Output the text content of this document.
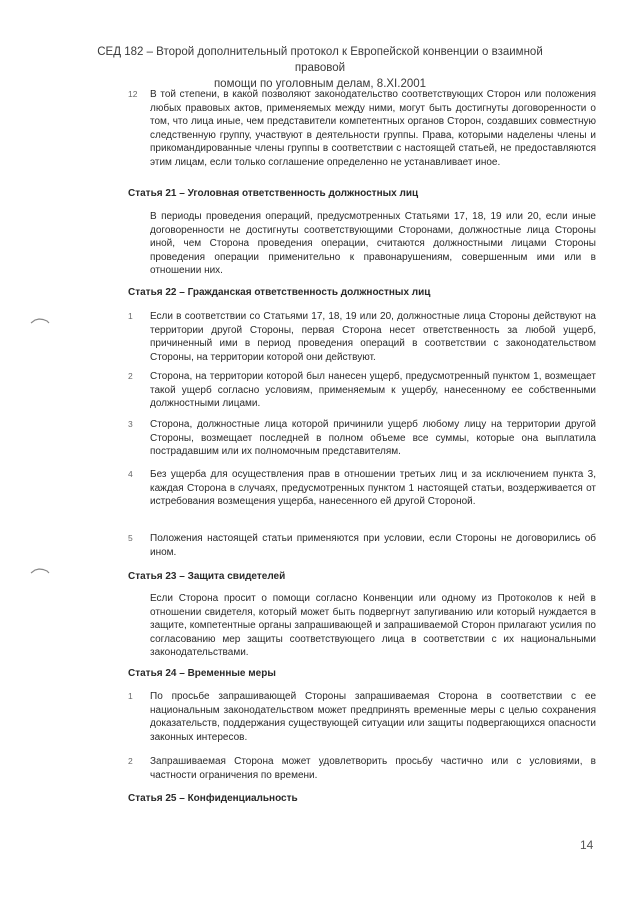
СЕД 182 – Второй дополнительный протокол к Европейской конвенции о взаимной правовой
помощи по уголовным делам, 8.XI.2001
12 В той степени, в какой позволяют законодательство соответствующих Сторон или положения любых правовых актов, применяемых между ними, могут быть достигнуты договоренности о том, что лица иные, чем представители компетентных органов Сторон, создавших совместную следственную группу, участвуют в деятельности группы. Права, которыми наделены члены и прикомандированные члены группы в соответствии с настоящей статьей, не предоставляются этим лицам, если только соглашение определенно не устанавливает иное.
Статья 21 – Уголовная ответственность должностных лиц
В периоды проведения операций, предусмотренных Статьями 17, 18, 19 или 20, если иные договоренности не достигнуты соответствующими Сторонами, должностные лица Стороны иной, чем Сторона проведения операции, считаются должностными лицами Стороны проведения операции применительно к правонарушениям, совершенным ими или в отношении них.
Статья 22 – Гражданская ответственность должностных лиц
1 Если в соответствии со Статьями 17, 18, 19 или 20, должностные лица Стороны действуют на территории другой Стороны, первая Сторона несет ответственность за любой ущерб, причиненный ими в период проведения операций в соответствии с законодательством Стороны, на территории которой они действуют.
2 Сторона, на территории которой был нанесен ущерб, предусмотренный пунктом 1, возмещает такой ущерб согласно условиям, применяемым к ущербу, нанесенному ее собственными должностными лицами.
3 Сторона, должностные лица которой причинили ущерб любому лицу на территории другой Стороны, возмещает последней в полном объеме все суммы, которые она выплатила пострадавшим или их полномочным представителям.
4 Без ущерба для осуществления прав в отношении третьих лиц и за исключением пункта 3, каждая Сторона в случаях, предусмотренных пунктом 1 настоящей статьи, воздерживается от истребования возмещения ущерба, нанесенного ей другой Стороной.
5 Положения настоящей статьи применяются при условии, если Стороны не договорились об ином.
Статья 23 – Защита свидетелей
Если Сторона просит о помощи согласно Конвенции или одному из Протоколов к ней в отношении свидетеля, который может быть подвергнут запугиванию или который нуждается в защите, компетентные органы запрашивающей и запрашиваемой Сторон прилагают усилия по согласованию мер защиты соответствующего лица в соответствии с их национальными законодательствами.
Статья 24 – Временные меры
1 По просьбе запрашивающей Стороны запрашиваемая Сторона в соответствии с ее национальным законодательством может предпринять временные меры с целью сохранения доказательств, поддержания существующей ситуации или защиты подвергающихся опасности законных интересов.
2 Запрашиваемая Сторона может удовлетворить просьбу частично или с условиями, в частности ограничения по времени.
Статья 25 – Конфиденциальность
14
